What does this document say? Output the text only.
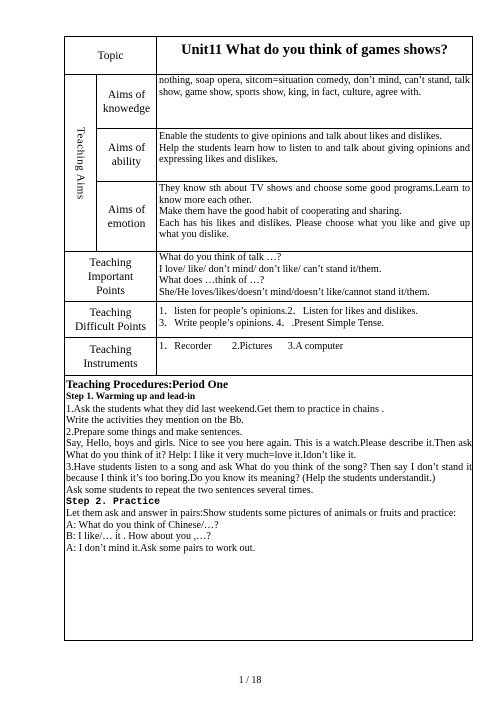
Topic	Unit11 What do you think of games shows?
Teaching Aims
Aims of knowedge
nothing, soap opera, sitcom=situation comedy, don’t mind, can’t stand, talk show, game show, sports show, king, in fact, culture, agree with.
Aims of ability
Enable the students to give opinions and talk about likes and dislikes.
Help the students learn how to listen to and talk about giving opinions and expressing likes and dislikes.
Aims of emotion
They know sth about TV shows and choose some good programs.Learn to know more each other.
Make them have the good habit of cooperating and sharing.
Each has his likes and dislikes. Please choose what you like and give up what you dislike.
Teaching Important Points
What do you think of talk …?
I love/ like/ don’t mind/ don’t like/ can’t stand it/them.
What does …think of …?
She/He loves/likes/doesn’t mind/doesn’t like/cannot stand it/them.
Teaching Difficult Points
1．listen for people’s opinions.2．Listen for likes and dislikes.
3．Write people’s opinions. 4．.Present Simple Tense.
Teaching Instruments
1．Recorder        2.Pictures      3.A computer

Teaching Procedures:Period One

Step 1. Warming up and lead-in

1.Ask the students what they did last weekend.Get them to practice in chains .

Write the activities they mention on the Bb.

2.Prepare some things and make sentences.

Say, Hello, boys and girls. Nice to see you here again. This is a watch.Please describe it.Then ask What do you think of it? Help: I like it very much=love it.Idon’t like it.

3.Have students listen to a song and ask What do you think of the song? Then say I don’t stand it because I think it’s too boring.Do you know its meaning? (Help the students understandit.)

Ask some students to repeat the two sentences several times.

Step 2. Practice

Let them ask and answer in pairs:Show students some pictures of animals or fruits and practice:

A: What do you think of Chinese/…?

B: I like/… it . How about you ,…?

A: I don’t mind it.Ask some pairs to work out.

1 / 18
